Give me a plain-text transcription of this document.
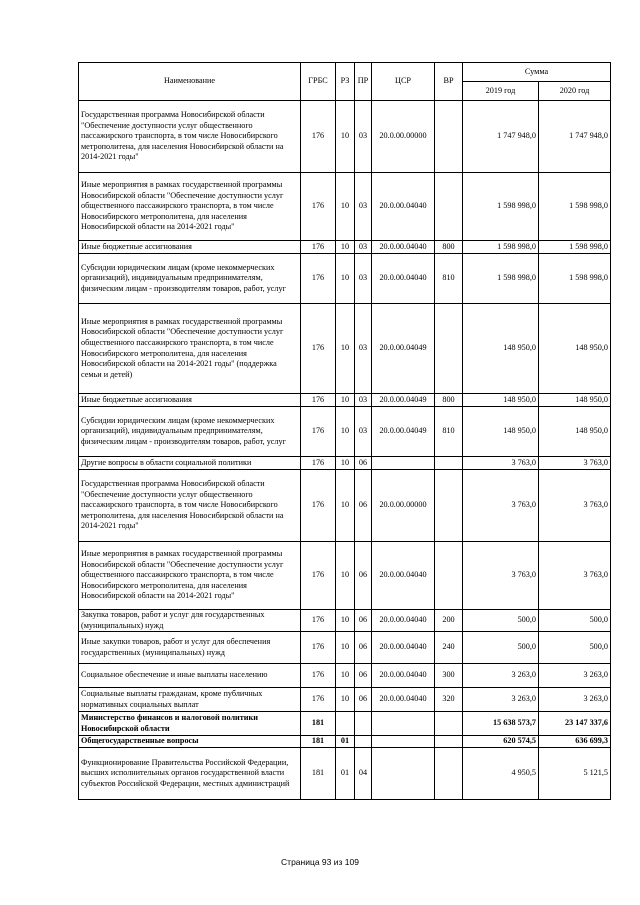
Наименование	ГРБС	РЗ	ПР	ЦСР	ВР	Сумма	
						2019 год	2020 год
Государственная программа Новосибирской области "Обеспечение доступности услуг общественного пассажирского транспорта, в том числе Новосибирского метрополитена, для населения Новосибирской области на 2014-2021 годы"	176	10	03	20.0.00.00000		1 747 948,0	1 747 948,0
Иные мероприятия в рамках государственной программы Новосибирской области "Обеспечение доступности услуг общественного пассажирского транспорта, в том числе Новосибирского метрополитена, для населения Новосибирской области на 2014-2021 годы"	176	10	03	20.0.00.04040		1 598 998,0	1 598 998,0
Иные бюджетные ассигнования	176	10	03	20.0.00.04040	800	1 598 998,0	1 598 998,0
Субсидии юридическим лицам (кроме некоммерческих организаций), индивидуальным предпринимателям, физическим лицам - производителям товаров, работ, услуг	176	10	03	20.0.00.04040	810	1 598 998,0	1 598 998,0
Иные мероприятия в рамках государственной программы Новосибирской области "Обеспечение доступности услуг общественного пассажирского транспорта, в том числе Новосибирского метрополитена, для населения Новосибирской области на 2014-2021 годы" (поддержка семьи и детей)	176	10	03	20.0.00.04049		148 950,0	148 950,0
Иные бюджетные ассигнования	176	10	03	20.0.00.04049	800	148 950,0	148 950,0
Субсидии юридическим лицам (кроме некоммерческих организаций), индивидуальным предпринимателям, физическим лицам - производителям товаров, работ, услуг	176	10	03	20.0.00.04049	810	148 950,0	148 950,0
Другие вопросы в области социальной политики	176	10	06			3 763,0	3 763,0
Государственная программа Новосибирской области "Обеспечение доступности услуг общественного пассажирского транспорта, в том числе Новосибирского метрополитена, для населения Новосибирской области на 2014-2021 годы"	176	10	06	20.0.00.00000		3 763,0	3 763,0
Иные мероприятия в рамках государственной программы Новосибирской области "Обеспечение доступности услуг общественного пассажирского транспорта, в том числе Новосибирского метрополитена, для населения Новосибирской области на 2014-2021 годы"	176	10	06	20.0.00.04040		3 763,0	3 763,0
Закупка товаров, работ и услуг для государственных (муниципальных) нужд	176	10	06	20.0.00.04040	200	500,0	500,0
Иные закупки товаров, работ и услуг для обеспечения государственных (муниципальных) нужд	176	10	06	20.0.00.04040	240	500,0	500,0
Социальное обеспечение и иные выплаты населению	176	10	06	20.0.00.04040	300	3 263,0	3 263,0
Социальные выплаты гражданам, кроме публичных нормативных социальных выплат	176	10	06	20.0.00.04040	320	3 263,0	3 263,0
Министерство финансов и налоговой политики Новосибирской области	181					15 638 573,7	23 147 337,6
Общегосударственные вопросы	181	01				620 574,5	636 699,3
Функционирование Правительства Российской Федерации, высших исполнительных органов государственной власти субъектов Российской Федерации, местных администраций	181	01	04			4 950,5	5 121,5
Страница 93 из 109
